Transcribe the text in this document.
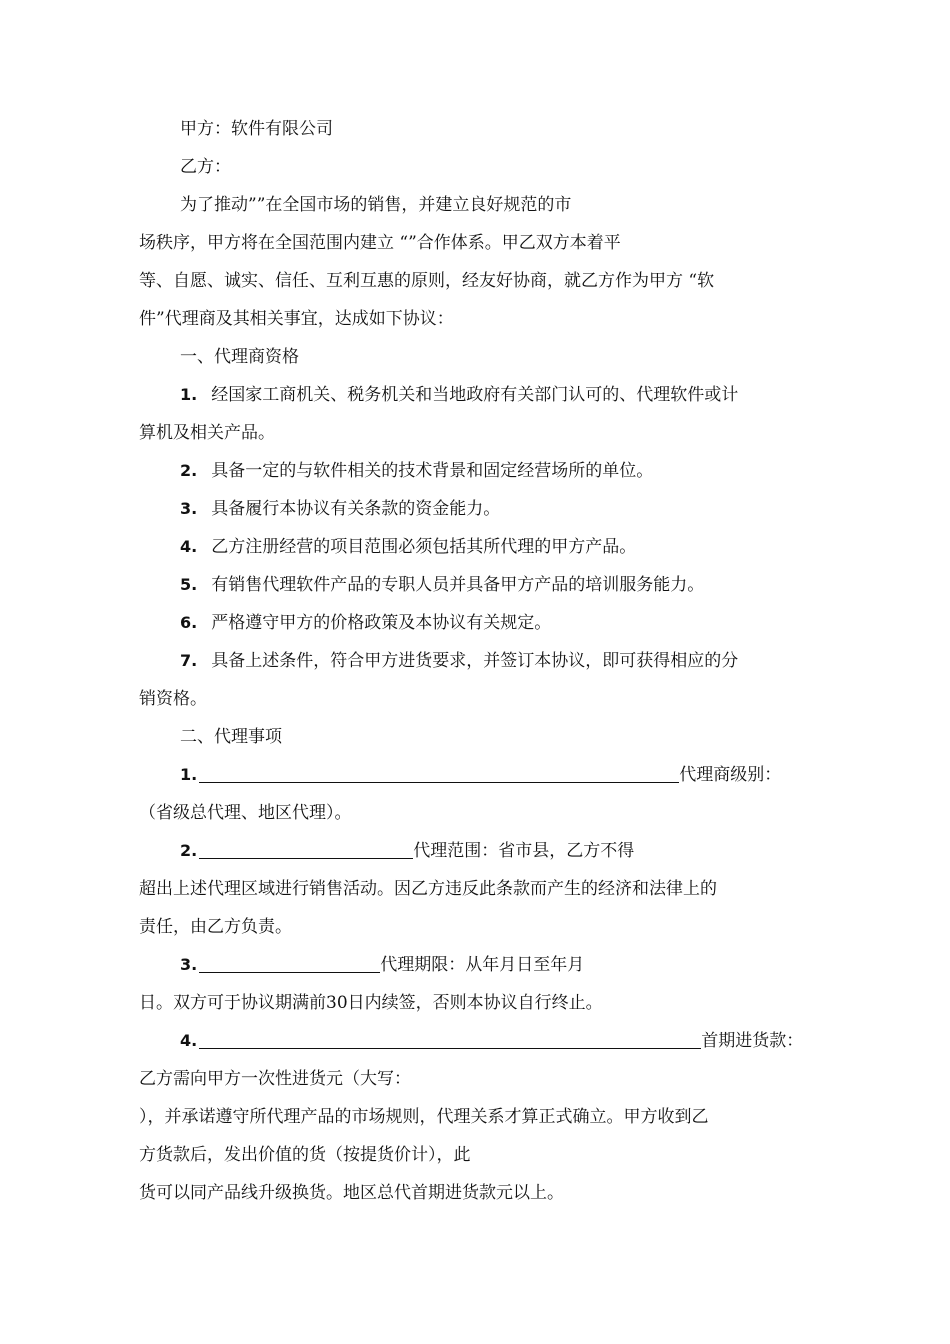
甲方：软件有限公司
乙方：
为了推动””在全国市场的销售，并建立良好规范的市
场秩序，甲方将在全国范围内建立 “”合作体系。甲乙双方本着平
等、自愿、诚实、信任、互利互惠的原则，经友好协商，就乙方作为甲方 “软
件”代理商及其相关事宜，达成如下协议：
一、代理商资格
1. 经国家工商机关、税务机关和当地政府有关部门认可的、代理软件或计
算机及相关产品。
2. 具备一定的与软件相关的技术背景和固定经营场所的单位。
3. 具备履行本协议有关条款的资金能力。
4. 乙方注册经营的项目范围必须包括其所代理的甲方产品。
5. 有销售代理软件产品的专职人员并具备甲方产品的培训服务能力。
6. 严格遵守甲方的价格政策及本协议有关规定。
7. 具备上述条件，符合甲方进货要求，并签订本协议，即可获得相应的分
销资格。
二、代理事项
1.	代理商级别：
（省级总代理、地区代理）。
2.	代理范围：省市县，乙方不得
超出上述代理区域进行销售活动。因乙方违反此条款而产生的经济和法律上的
责任，由乙方负责。
3.	代理期限：从年月日至年月
日。双方可于协议期满前30日内续签，否则本协议自行终止。
4.	首期进货款：
乙方需向甲方一次性进货元（大写：
），并承诺遵守所代理产品的市场规则，代理关系才算正式确立。甲方收到乙
方货款后，发出价值的货（按提货价计），此
货可以同产品线升级换货。地区总代首期进货款元以上。
